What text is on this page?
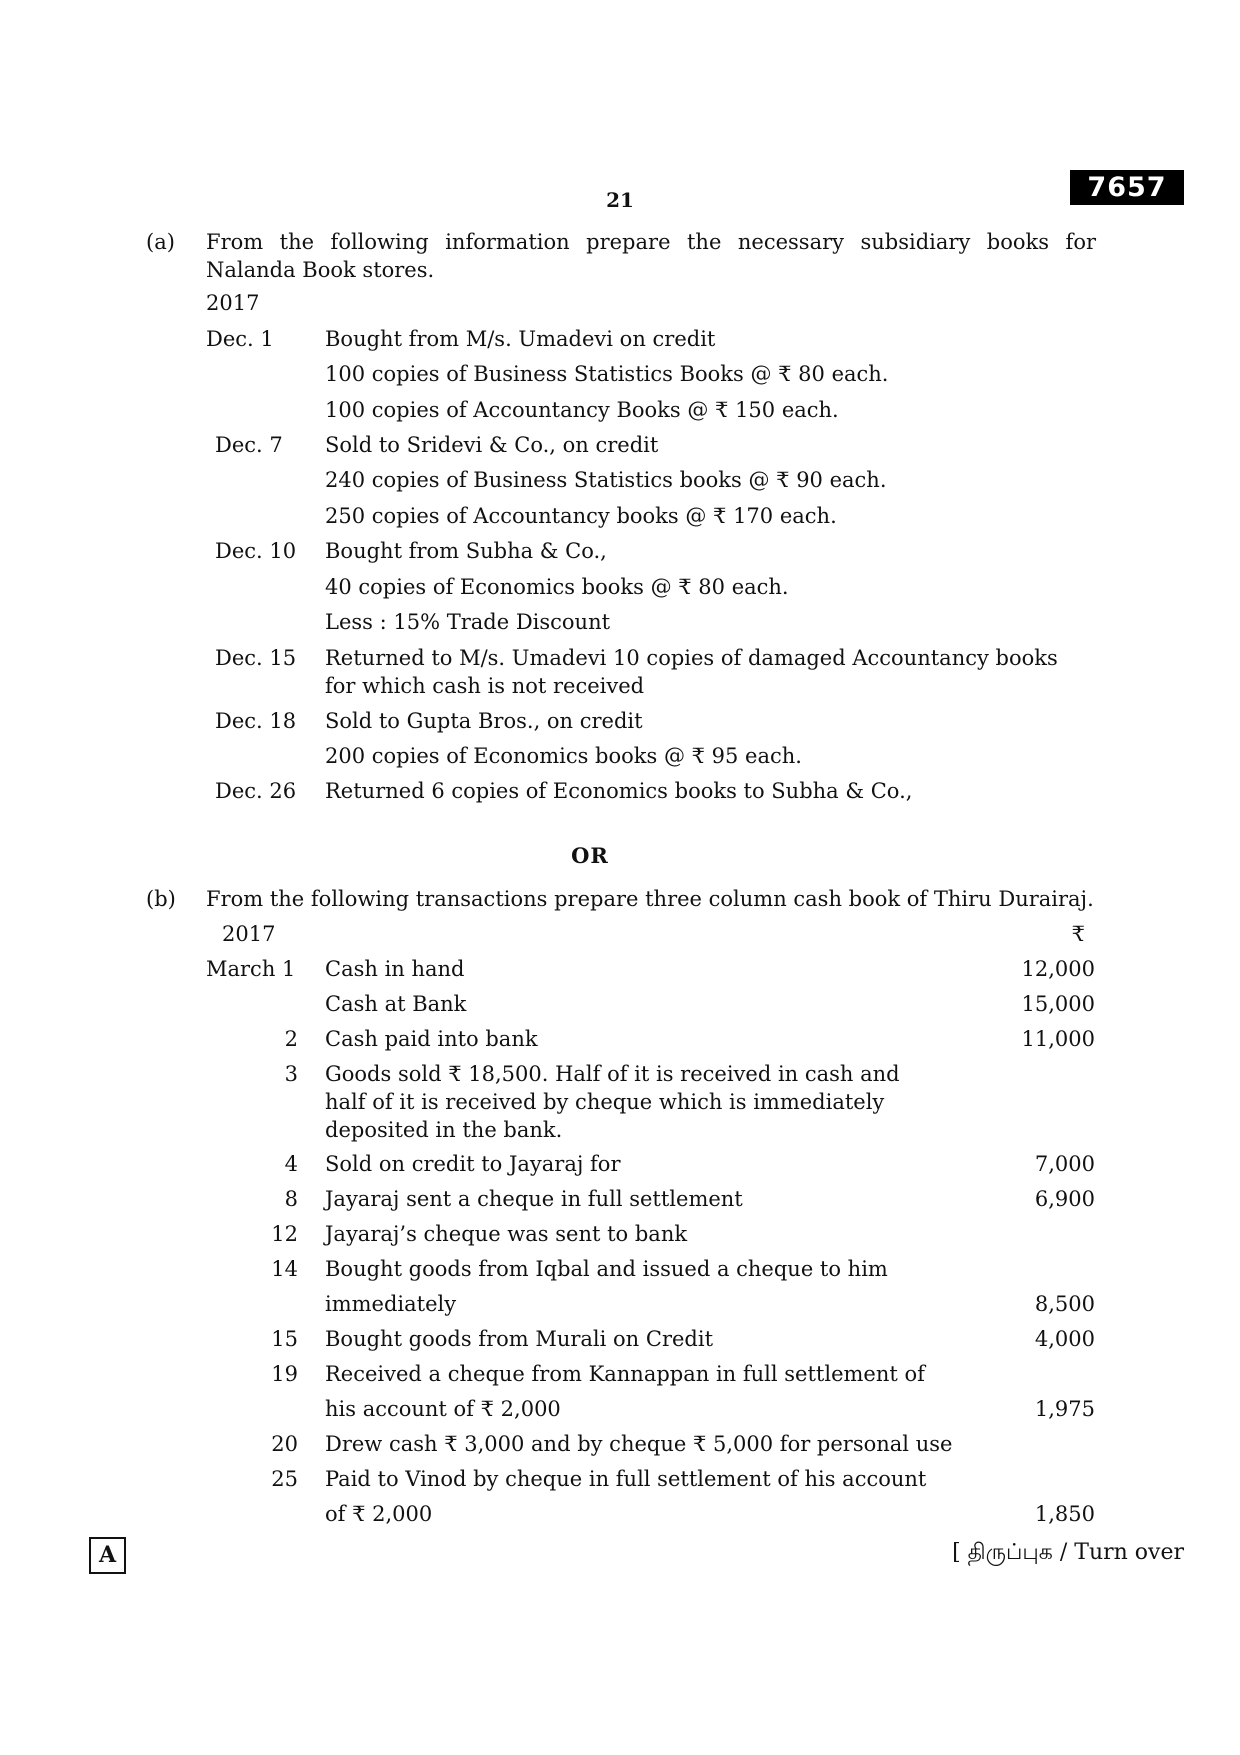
7657
21
(a) From the following information prepare the necessary subsidiary books for Nalanda Book stores.
2017
Dec. 1 Bought from M/s. Umadevi on credit
100 copies of Business Statistics Books @ ₹ 80 each.
100 copies of Accountancy Books @ ₹ 150 each.
Dec. 7 Sold to Sridevi & Co., on credit
240 copies of Business Statistics books @ ₹ 90 each.
250 copies of Accountancy books @ ₹ 170 each.
Dec. 10 Bought from Subha & Co.,
40 copies of Economics books @ ₹ 80 each.
Less : 15% Trade Discount
Dec. 15 Returned to M/s. Umadevi 10 copies of damaged Accountancy books for which cash is not received
Dec. 18 Sold to Gupta Bros., on credit
200 copies of Economics books @ ₹ 95 each.
Dec. 26 Returned 6 copies of Economics books to Subha & Co.,
OR
(b) From the following transactions prepare three column cash book of Thiru Durairaj.
2017	₹
March 1 Cash in hand	12,000
Cash at Bank	15,000
2 Cash paid into bank	11,000
3 Goods sold ₹ 18,500. Half of it is received in cash and half of it is received by cheque which is immediately deposited in the bank.
4 Sold on credit to Jayaraj for	7,000
8 Jayaraj sent a cheque in full settlement	6,900
12 Jayaraj’s cheque was sent to bank
14 Bought goods from Iqbal and issued a cheque to him
immediately	8,500
15 Bought goods from Murali on Credit	4,000
19 Received a cheque from Kannappan in full settlement of
his account of ₹ 2,000	1,975
20 Drew cash ₹ 3,000 and by cheque ₹ 5,000 for personal use
25 Paid to Vinod by cheque in full settlement of his account
of ₹ 2,000	1,850
A	[ திருப்புக / Turn over
